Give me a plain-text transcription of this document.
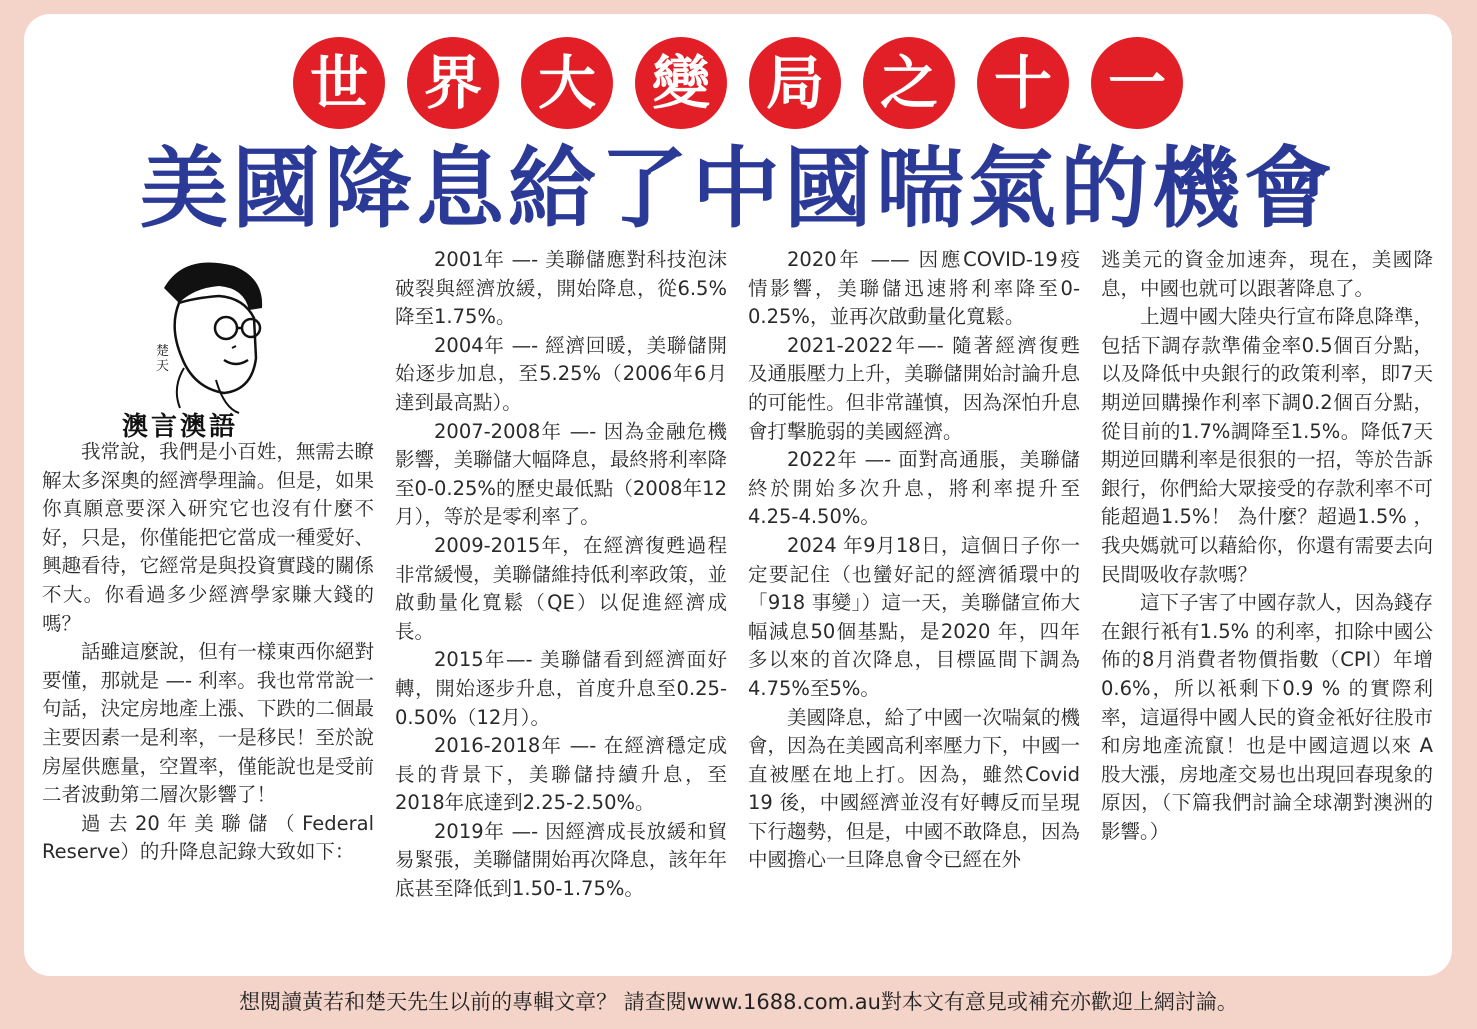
世 界 大 變 局 之 十 一
美國降息給了中國喘氣的機會
楚天
澳言澳語

我常說，我們是小百姓，無需去瞭解太多深奧的經濟學理論。但是，如果你真願意要深入研究它也沒有什麼不好，只是，你僅能把它當成一種愛好、興趣看待，它經常是與投資實踐的關係不大。你看過多少經濟學家賺大錢的嗎？

話雖這麼說，但有一樣東西你絕對要懂，那就是 —- 利率。我也常常說一句話，決定房地產上漲、下跌的二個最主要因素一是利率，一是移民！至於說房屋供應量，空置率，僅能說也是受前二者波動第二層次影響了！

過去20年美聯儲（Federal Reserve）的升降息記錄大致如下：

2001年 —- 美聯儲應對科技泡沫破裂與經濟放緩，開始降息，從6.5%降至1.75%。

2004年 —- 經濟回暖，美聯儲開始逐步加息，至5.25%（2006年6月達到最高點）。

2007-2008年 —- 因為金融危機影響，美聯儲大幅降息，最終將利率降至0-0.25%的歷史最低點（2008年12月），等於是零利率了。

2009-2015年，在經濟復甦過程非常緩慢，美聯儲維持低利率政策，並啟動量化寬鬆（QE）以促進經濟成長。

2015年—- 美聯儲看到經濟面好轉，開始逐步升息，首度升息至0.25-0.50%（12月）。

2016-2018年 —- 在經濟穩定成長的背景下，美聯儲持續升息，至2018年底達到2.25-2.50%。

2019年 —- 因經濟成長放緩和貿易緊張，美聯儲開始再次降息，該年年底甚至降低到1.50-1.75%。

2020年 —— 因應COVID-19疫情影響，美聯儲迅速將利率降至0-0.25%，並再次啟動量化寬鬆。

2021-2022年—- 隨著經濟復甦及通脹壓力上升，美聯儲開始討論升息的可能性。但非常謹慎，因為深怕升息會打擊脆弱的美國經濟。

2022年 —- 面對高通脹，美聯儲終於開始多次升息，將利率提升至4.25-4.50%。

2024 年9月18日，這個日子你一定要記住（也蠻好記的經濟循環中的「918 事變」）這一天，美聯儲宣佈大幅減息50個基點，是2020 年，四年多以來的首次降息，目標區間下調為4.75%至5%。

美國降息，給了中國一次喘氣的機會，因為在美國高利率壓力下，中國一直被壓在地上打。因為，雖然Covid 19 後，中國經濟並沒有好轉反而呈現下行趨勢，但是，中國不敢降息，因為中國擔心一旦降息會令已經在外

逃美元的資金加速奔，現在，美國降息，中國也就可以跟著降息了。

上週中國大陸央行宣布降息降準，包括下調存款準備金率0.5個百分點，以及降低中央銀行的政策利率，即7天期逆回購操作利率下調0.2個百分點，從目前的1.7%調降至1.5%。降低7天期逆回購利率是很狠的一招，等於告訴銀行，你們給大眾接受的存款利率不可能超過1.5%！ 為什麼？超過1.5% ，我央媽就可以藉給你，你還有需要去向民間吸收存款嗎？

這下子害了中國存款人，因為錢存在銀行衹有1.5% 的利率，扣除中國公佈的8月消費者物價指數（CPI）年增0.6%，所以衹剩下0.9 % 的實際利率，這逼得中國人民的資金衹好往股市和房地產流竄！也是中國這週以來 A 股大漲，房地產交易也出現回春現象的原因，（下篇我們討論全球潮對澳洲的影響。）

想閱讀黃若和楚天先生以前的專輯文章？ 請查閱www.1688.com.au對本文有意見或補充亦歡迎上網討論。
